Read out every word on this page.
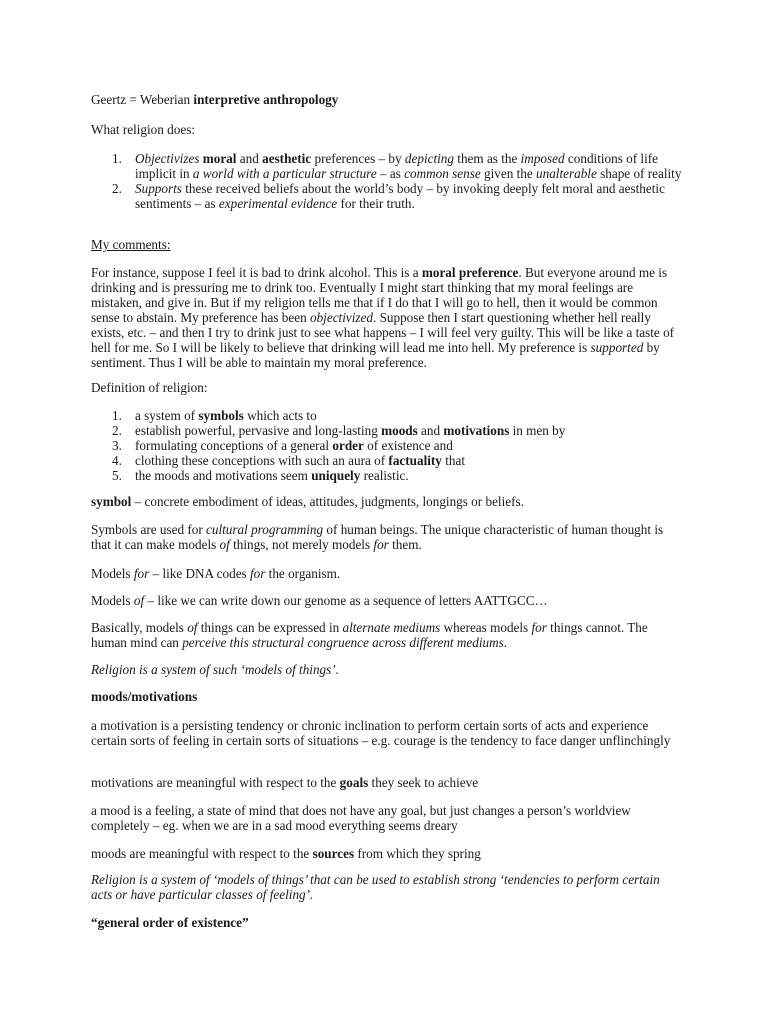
Geertz = Weberian interpretive anthropology

What religion does:

1. Objectivizes moral and aesthetic preferences – by depicting them as the imposed conditions of life implicit in a world with a particular structure – as common sense given the unalterable shape of reality
2. Supports these received beliefs about the world’s body – by invoking deeply felt moral and aesthetic sentiments – as experimental evidence for their truth.

My comments:

For instance, suppose I feel it is bad to drink alcohol. This is a moral preference. But everyone around me is drinking and is pressuring me to drink too. Eventually I might start thinking that my moral feelings are mistaken, and give in. But if my religion tells me that if I do that I will go to hell, then it would be common sense to abstain. My preference has been objectivized. Suppose then I start questioning whether hell really exists, etc. – and then I try to drink just to see what happens – I will feel very guilty. This will be like a taste of hell for me. So I will be likely to believe that drinking will lead me into hell. My preference is supported by sentiment. Thus I will be able to maintain my moral preference.

Definition of religion:

1. a system of symbols which acts to
2. establish powerful, pervasive and long-lasting moods and motivations in men by
3. formulating conceptions of a general order of existence and
4. clothing these conceptions with such an aura of factuality that
5. the moods and motivations seem uniquely realistic.

symbol – concrete embodiment of ideas, attitudes, judgments, longings or beliefs.

Symbols are used for cultural programming of human beings. The unique characteristic of human thought is that it can make models of things, not merely models for them.

Models for – like DNA codes for the organism.

Models of – like we can write down our genome as a sequence of letters AATTGCC…

Basically, models of things can be expressed in alternate mediums whereas models for things cannot. The human mind can perceive this structural congruence across different mediums.

Religion is a system of such ‘models of things’.

moods/motivations

a motivation is a persisting tendency or chronic inclination to perform certain sorts of acts and experience certain sorts of feeling in certain sorts of situations – e.g. courage is the tendency to face danger unflinchingly

motivations are meaningful with respect to the goals they seek to achieve

a mood is a feeling, a state of mind that does not have any goal, but just changes a person’s worldview completely – eg. when we are in a sad mood everything seems dreary

moods are meaningful with respect to the sources from which they spring

Religion is a system of ‘models of things’ that can be used to establish strong ‘tendencies to perform certain acts or have particular classes of feeling’.

“general order of existence”
